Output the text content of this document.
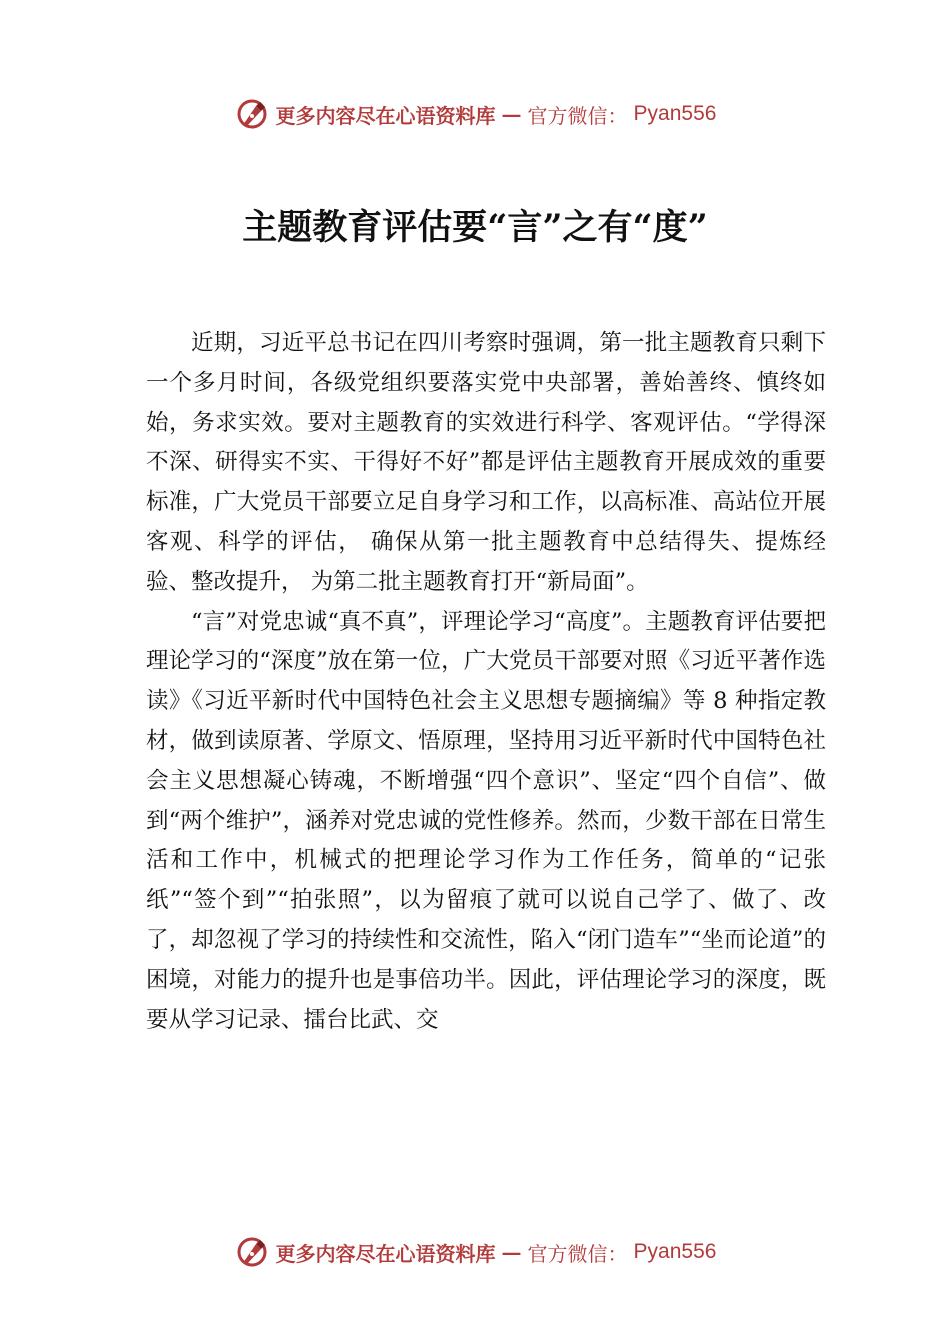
更多内容尽在心语资料库 — 官方微信： Pyan556
主题教育评估要“言”之有“度”

近期，习近平总书记在四川考察时强调，第一批主题教育只剩下一个多月时间，各级党组织要落实党中央部署，善始善终、慎终如始，务求实效。要对主题教育的实效进行科学、客观评估。“学得深不深、研得实不实、干得好不好”都是评估主题教育开展成效的重要标准，广大党员干部要立足自身学习和工作，以高标准、高站位开展客观、科学的评估， 确保从第一批主题教育中总结得失、提炼经验、整改提升， 为第二批主题教育打开“新局面”。

“言”对党忠诚“真不真”，评理论学习“高度”。主题教育评估要把理论学习的“深度”放在第一位，广大党员干部要对照《习近平著作选读》《习近平新时代中国特色社会主义思想专题摘编》等 8 种指定教材，做到读原著、学原文、悟原理，坚持用习近平新时代中国特色社会主义思想凝心铸魂，不断增强“四个意识”、坚定“四个自信”、做到“两个维护”，涵养对党忠诚的党性修养。然而，少数干部在日常生活和工作中，机械式的把理论学习作为工作任务，简单的“记张纸”“签个到”“拍张照”，以为留痕了就可以说自己学了、做了、改了，却忽视了学习的持续性和交流性，陷入“闭门造车”“坐而论道”的困境，对能力的提升也是事倍功半。因此，评估理论学习的深度，既要从学习记录、擂台比武、交

更多内容尽在心语资料库 — 官方微信： Pyan556
